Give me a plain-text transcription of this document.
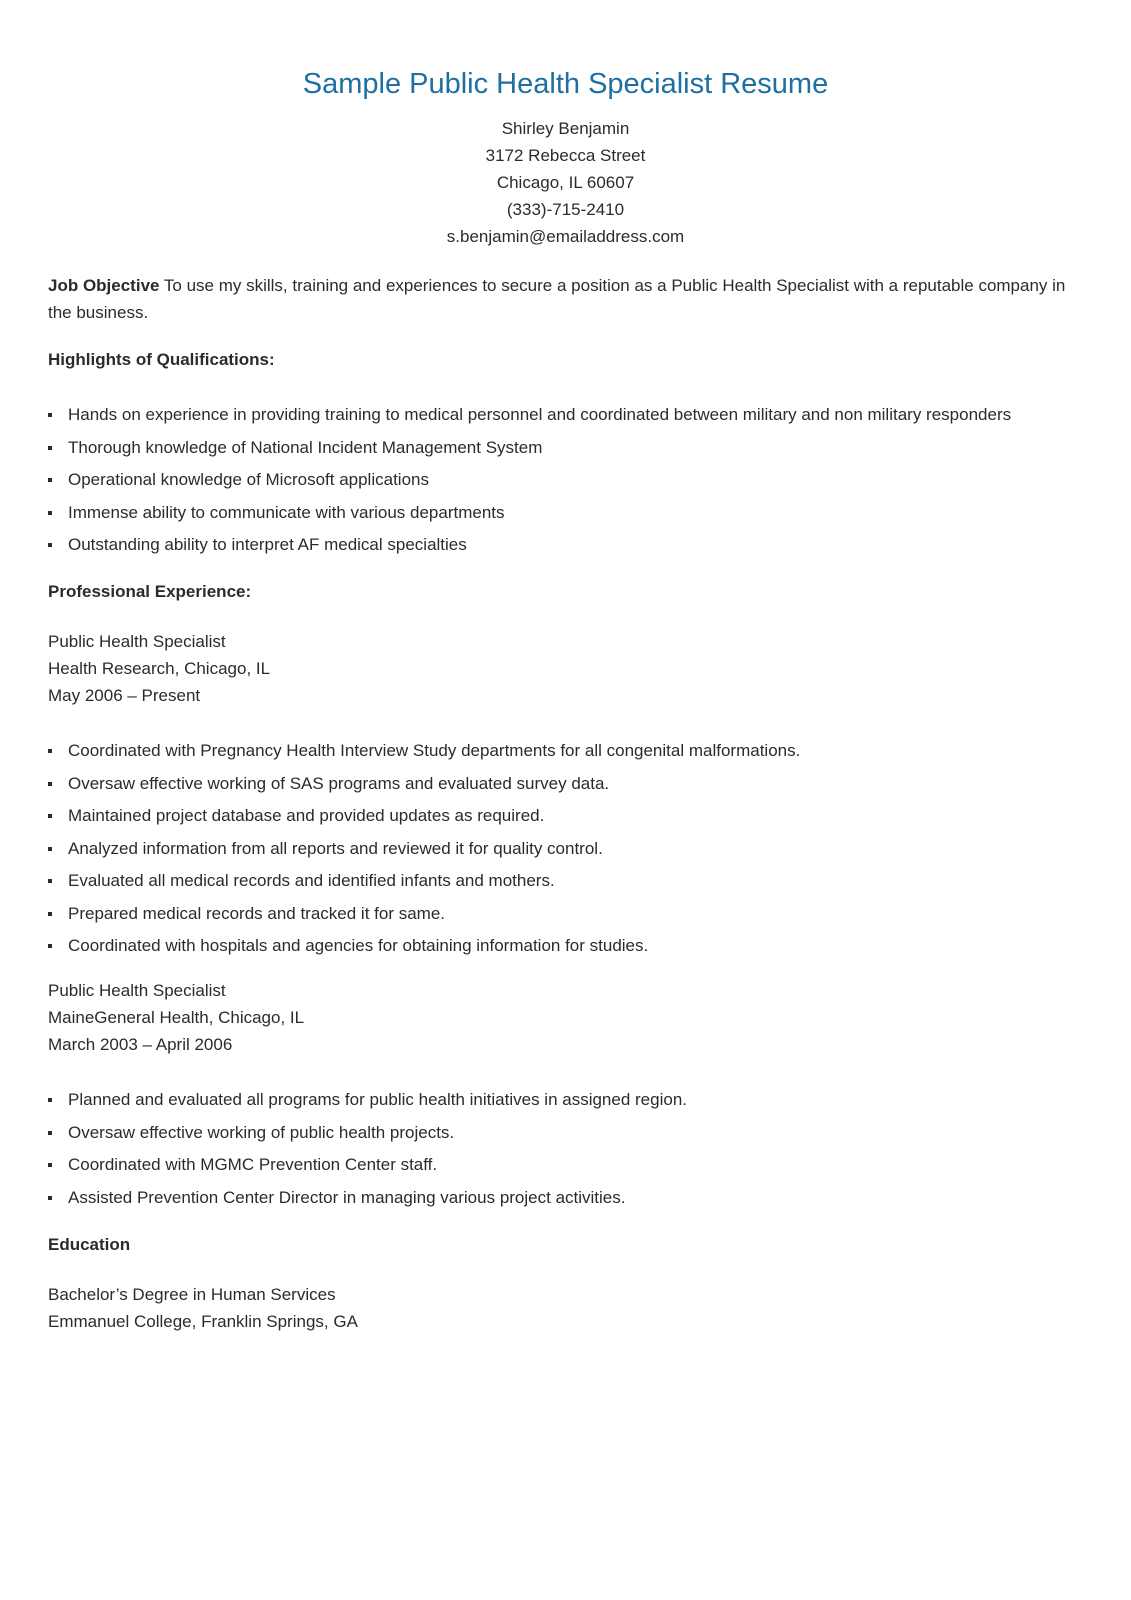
Sample Public Health Specialist Resume
Shirley Benjamin
3172 Rebecca Street
Chicago, IL 60607
(333)-715-2410
s.benjamin@emailaddress.com
Job Objective To use my skills, training and experiences to secure a position as a Public Health Specialist with a reputable company in the business.
Highlights of Qualifications:
Hands on experience in providing training to medical personnel and coordinated between military and non military responders
Thorough knowledge of National Incident Management System
Operational knowledge of Microsoft applications
Immense ability to communicate with various departments
Outstanding ability to interpret AF medical specialties
Professional Experience:
Public Health Specialist
Health Research, Chicago, IL
May 2006 – Present
Coordinated with Pregnancy Health Interview Study departments for all congenital malformations.
Oversaw effective working of SAS programs and evaluated survey data.
Maintained project database and provided updates as required.
Analyzed information from all reports and reviewed it for quality control.
Evaluated all medical records and identified infants and mothers.
Prepared medical records and tracked it for same.
Coordinated with hospitals and agencies for obtaining information for studies.
Public Health Specialist
MaineGeneral Health, Chicago, IL
March 2003 – April 2006
Planned and evaluated all programs for public health initiatives in assigned region.
Oversaw effective working of public health projects.
Coordinated with MGMC Prevention Center staff.
Assisted Prevention Center Director in managing various project activities.
Education
Bachelor’s Degree in Human Services
Emmanuel College, Franklin Springs, GA
